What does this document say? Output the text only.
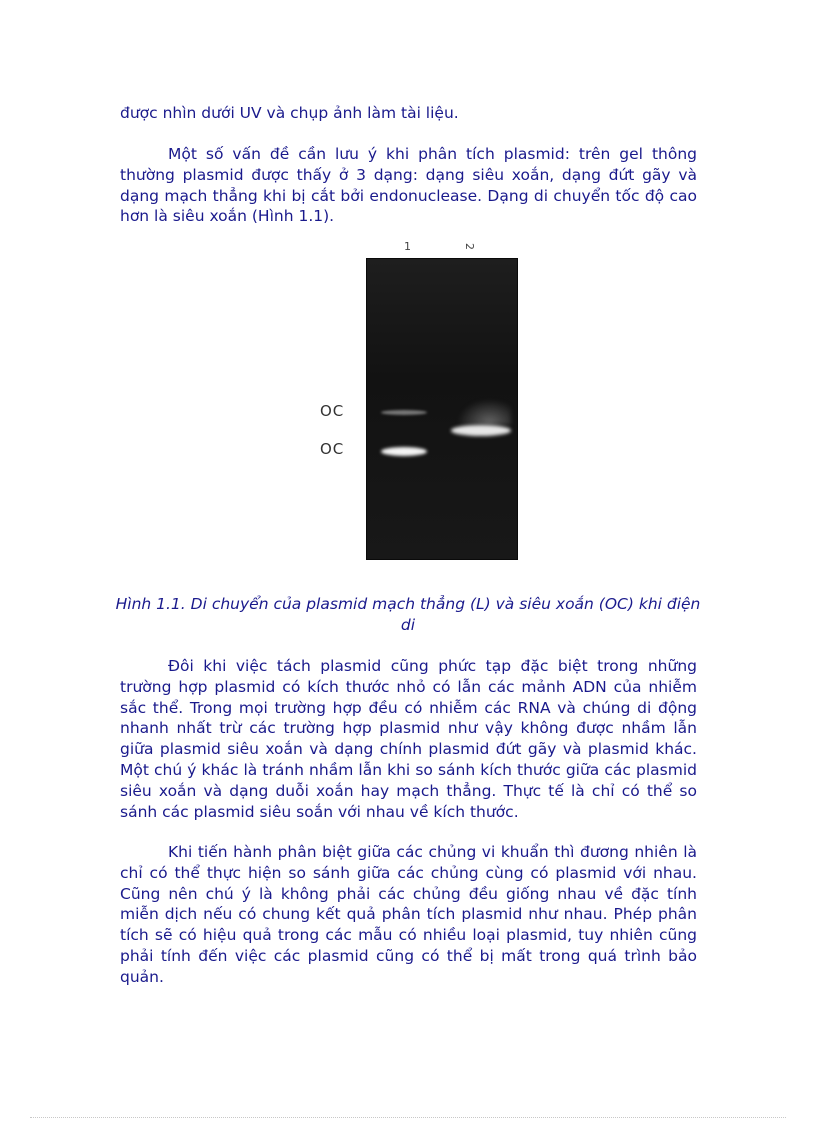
được nhìn dưới UV và chụp ảnh làm tài liệu.

Một số vấn đề cần lưu ý khi phân tích plasmid: trên gel thông thường plasmid được thấy ở 3 dạng: dạng siêu xoắn, dạng đứt gãy và dạng mạch thẳng khi bị cắt bởi endonuclease. Dạng di chuyển tốc độ cao hơn là siêu xoắn (Hình 1.1).

1	2
OC
OC

Hình 1.1. Di chuyển của plasmid mạch thẳng (L) và siêu xoắn (OC) khi điện di

Đôi khi việc tách plasmid cũng phức tạp đặc biệt trong những trường hợp plasmid có kích thước nhỏ có lẫn các mảnh ADN của nhiễm sắc thể. Trong mọi trường hợp đều có nhiễm các RNA và chúng di động nhanh nhất trừ các trường hợp plasmid như vậy không được nhầm lẫn giữa plasmid siêu xoắn và dạng chính plasmid đứt gãy và plasmid khác. Một chú ý khác là tránh nhầm lẫn khi so sánh kích thước giữa các plasmid siêu xoắn và dạng duỗi xoắn hay mạch thẳng. Thực tế là chỉ có thể so sánh các plasmid siêu soắn với nhau về kích thước.

Khi tiến hành phân biệt giữa các chủng vi khuẩn thì đương nhiên là chỉ có thể thực hiện so sánh giữa các chủng cùng có plasmid với nhau. Cũng nên chú ý là không phải các chủng đều giống nhau về đặc tính miễn dịch nếu có chung kết quả phân tích plasmid như nhau. Phép phân tích sẽ có hiệu quả trong các mẫu có nhiều loại plasmid, tuy nhiên cũng phải tính đến việc các plasmid cũng có thể bị mất trong quá trình bảo quản.
